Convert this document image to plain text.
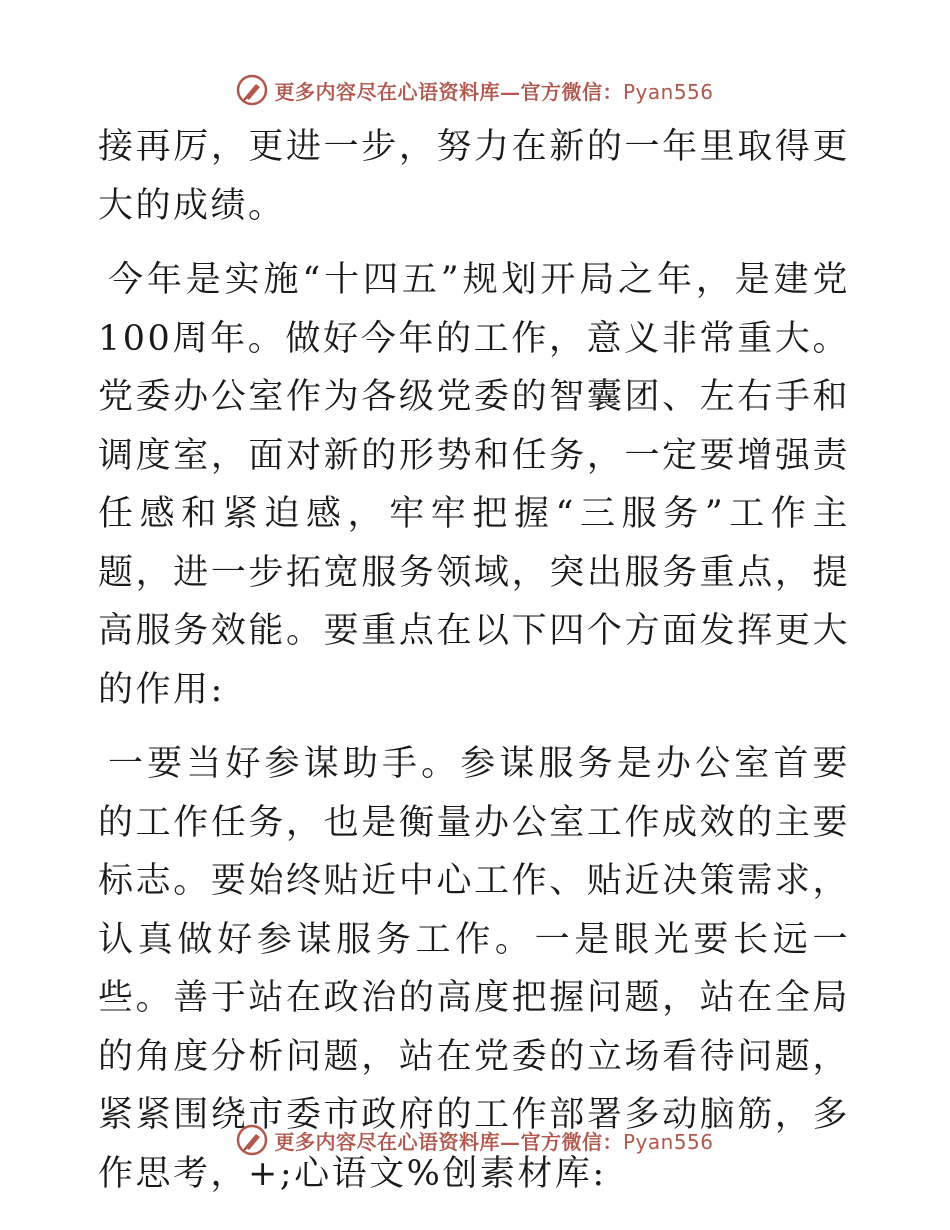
更多内容尽在心语资料库—官方微信：Pyan556

接再厉，更进一步，努力在新的一年里取得更大的成绩。

今年是实施“十四五”规划开局之年，是建党100周年。做好今年的工作，意义非常重大。党委办公室作为各级党委的智囊团、左右手和调度室，面对新的形势和任务，一定要增强责任感和紧迫感，牢牢把握“三服务”工作主题，进一步拓宽服务领域，突出服务重点，提高服务效能。要重点在以下四个方面发挥更大的作用:

一要当好参谋助手。参谋服务是办公室首要的工作任务，也是衡量办公室工作成效的主要标志。要始终贴近中心工作、贴近决策需求，认真做好参谋服务工作。一是眼光要长远一些。善于站在政治的高度把握问题，站在全局的角度分析问题，站在党委的立场看待问题，紧紧围绕市委市政府的工作部署多动脑筋，多作思考，+;心语文%创素材库:

更多内容尽在心语资料库—官方微信：Pyan556
